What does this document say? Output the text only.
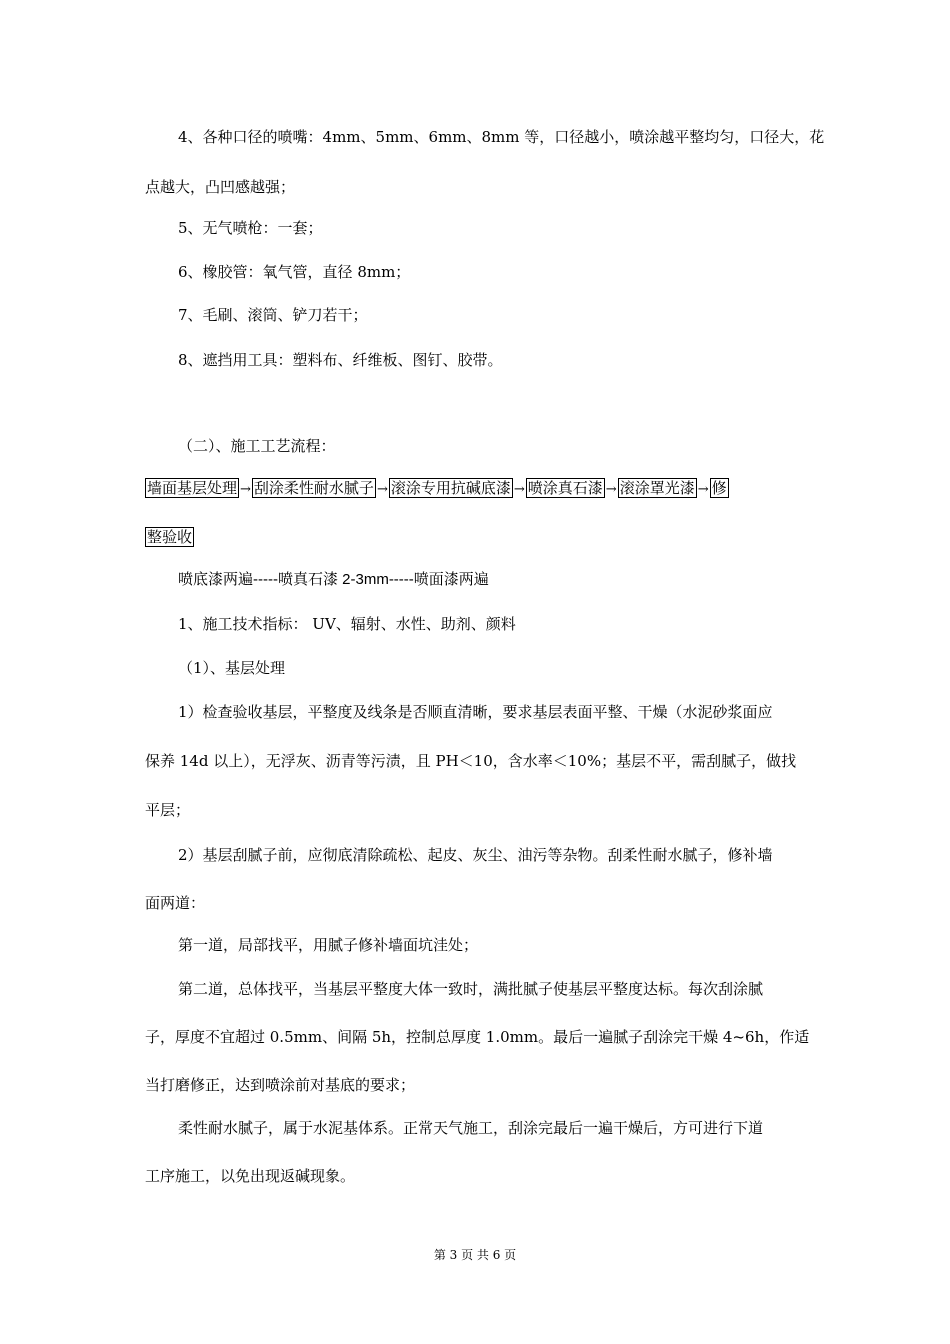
4、各种口径的喷嘴：4mm、5mm、6mm、8mm 等，口径越小，喷涂越平整均匀，口径大，花
点越大，凸凹感越强；
5、无气喷枪：一套；
6、橡胶管：氧气管，直径 8mm；
7、毛刷、滚筒、铲刀若干；
8、遮挡用工具：塑料布、纤维板、图钉、胶带。
（二）、施工工艺流程：
墙面基层处理 → 刮涂柔性耐水腻子 → 滚涂专用抗碱底漆 → 喷涂真石漆 → 滚涂罩光漆 → 修
整验收
喷底漆两遍-----喷真石漆 2-3mm-----喷面漆两遍
1、施工技术指标： UV、辐射、水性、助剂、颜料
（1）、基层处理
1）检查验收基层，平整度及线条是否顺直清晰，要求基层表面平整、干燥（水泥砂浆面应
保养 14d 以上），无浮灰、沥青等污渍，且 PH＜10，含水率＜10%；基层不平，需刮腻子，做找
平层；
2）基层刮腻子前，应彻底清除疏松、起皮、灰尘、油污等杂物。刮柔性耐水腻子，修补墙
面两道：
第一道，局部找平，用腻子修补墙面坑洼处；
第二道，总体找平，当基层平整度大体一致时，满批腻子使基层平整度达标。每次刮涂腻
子，厚度不宜超过 0.5mm、间隔 5h，控制总厚度 1.0mm。最后一遍腻子刮涂完干燥 4~6h，作适
当打磨修正，达到喷涂前对基底的要求；
柔性耐水腻子，属于水泥基体系。正常天气施工，刮涂完最后一遍干燥后，方可进行下道
工序施工，以免出现返碱现象。
第 3 页 共 6 页
